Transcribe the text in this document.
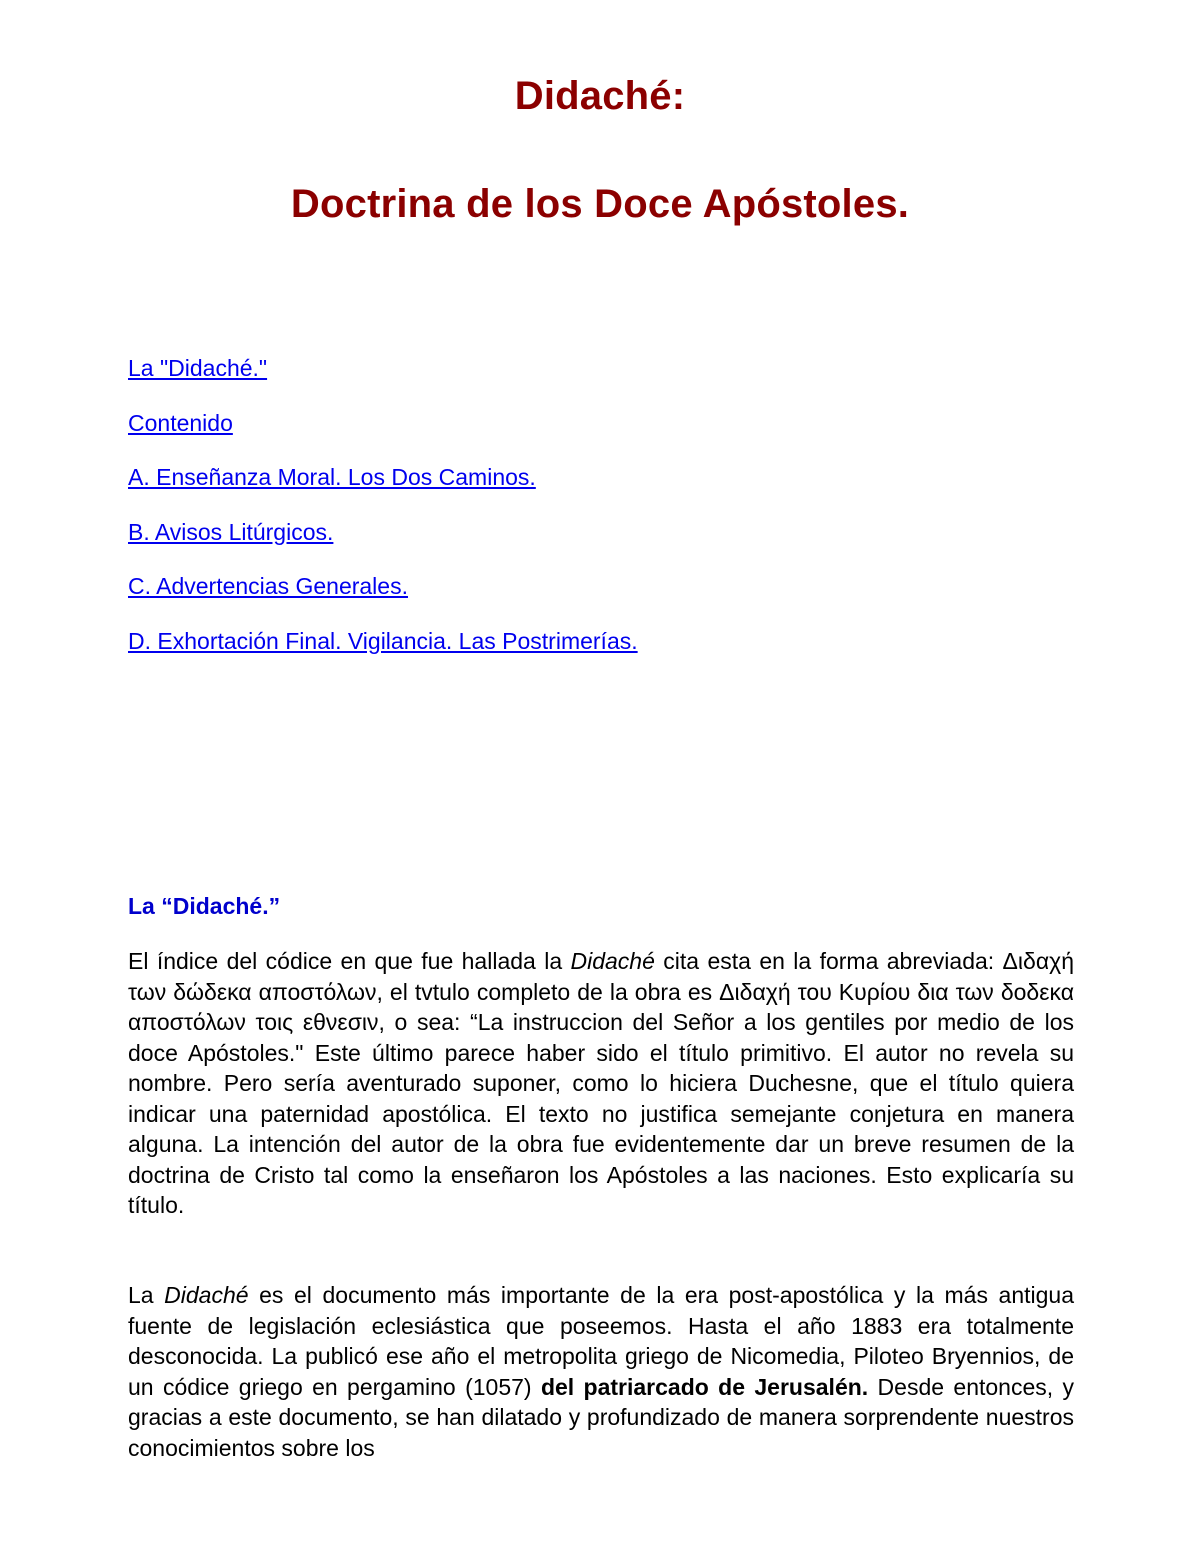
Didaché:
Doctrina de los Doce Apóstoles.
La "Didaché."
Contenido
A. Enseñanza Moral. Los Dos Caminos.
B. Avisos Litúrgicos.
C. Advertencias Generales.
D. Exhortación Final. Vigilancia. Las Postrimerías.
La “Didaché.”

El índice del códice en que fue hallada la Didaché cita esta en la forma abreviada: Διδαχή των δώδεκα αποστόλων, el tvtulo completo de la obra es Διδαχή του Κυρίου δια των δοδεκα αποστόλων τοις εθνεσιν, o sea: “La instruccion del Señor a los gentiles por medio de los doce Apóstoles." Este último parece haber sido el título primitivo. El autor no revela su nombre. Pero sería aventurado suponer, como lo hiciera Duchesne, que el título quiera indicar una paternidad apostólica. El texto no justifica semejante conjetura en manera alguna. La intención del autor de la obra fue evidentemente dar un breve resumen de la doctrina de Cristo tal como la enseñaron los Apóstoles a las naciones. Esto explicaría su título.

La Didaché es el documento más importante de la era post-apostólica y la más antigua fuente de legislación eclesiástica que poseemos. Hasta el año 1883 era totalmente desconocida. La publicó ese año el metropolita griego de Nicomedia, Piloteo Bryennios, de un códice griego en pergamino (1057) del patriarcado de Jerusalén. Desde entonces, y gracias a este documento, se han dilatado y profundizado de manera sorprendente nuestros conocimientos sobre los
